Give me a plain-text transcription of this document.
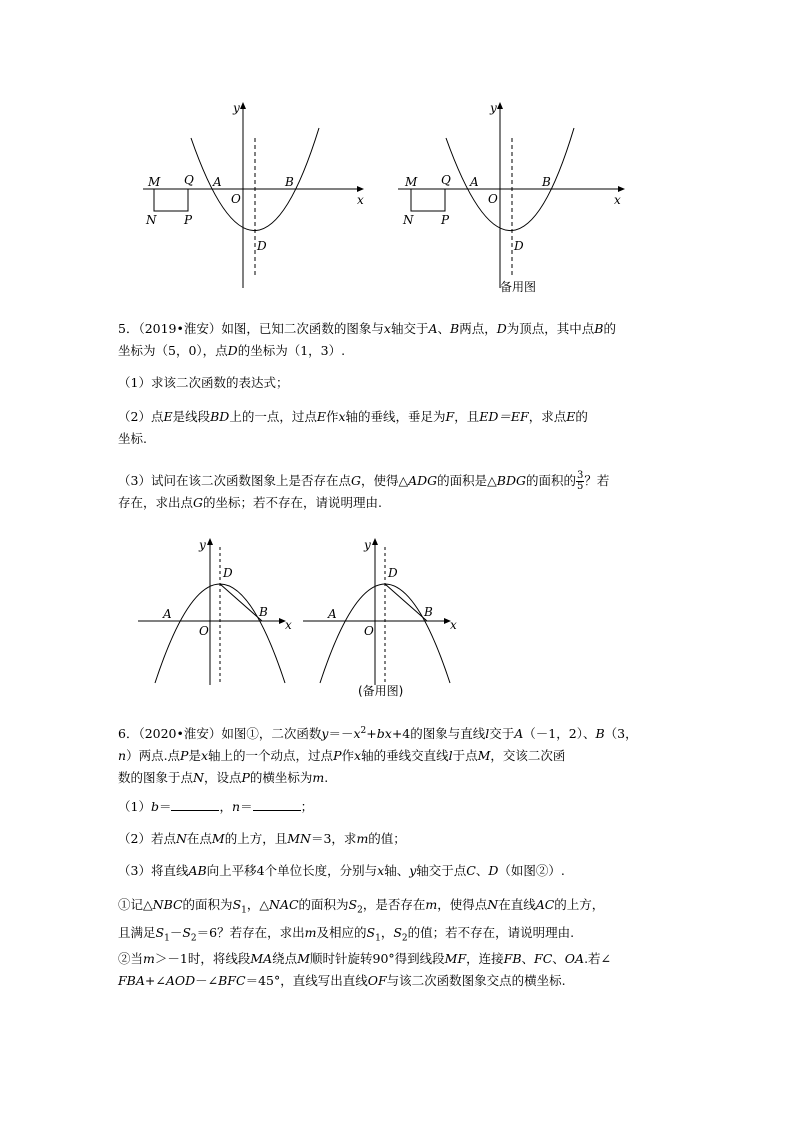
y
x
M Q A
O
B
N P
D
y
x
M Q A
O
B
N P
D
备用图

5．（2019•淮安）如图，已知二次函数的图象与x轴交于A、B两点，D为顶点，其中点B的
坐标为（5，0），点D的坐标为（1，3）.

（1）求该二次函数的表达式；

（2）点E是线段BD上的一点，过点E作x轴的垂线，垂足为F，且ED＝EF，求点E的
坐标.

（3）试问在该二次函数图象上是否存在点G，使得△ADG的面积是△BDG的面积的 $\frac{3}{5}$ ？若
存在，求出点G的坐标；若不存在，请说明理由.

y
x
A
O
B
D
y
x
A
O
B
D
(备用图)

6．（2020•淮安）如图①，二次函数$y=-x^2+bx+4$的图象与直线l交于A（－1，2）、B（3，
n）两点.点P是x轴上的一个动点，过点P作x轴的垂线交直线l于点M，交该二次函
数的图象于点N，设点P的横坐标为m.

（1）b＝	，n＝	；

（2）若点N在点M的上方，且MN＝3，求m的值；

（3）将直线AB向上平移4个单位长度，分别与x轴、y轴交于点C、D（如图②）.

①记△NBC的面积为$S_1$，△NAC的面积为$S_2$，是否存在m，使得点N在直线AC的上方，
且满足$S_1-S_2=6$？若存在，求出m及相应的$S_1$，$S_2$的值；若不存在，请说明理由.

②当m＞－1时，将线段MA绕点M顺时针旋转90°得到线段MF，连接FB、FC、OA.若∠
FBA+∠AOD－∠BFC＝45°，直线写出直线OF与该二次函数图象交点的横坐标.
